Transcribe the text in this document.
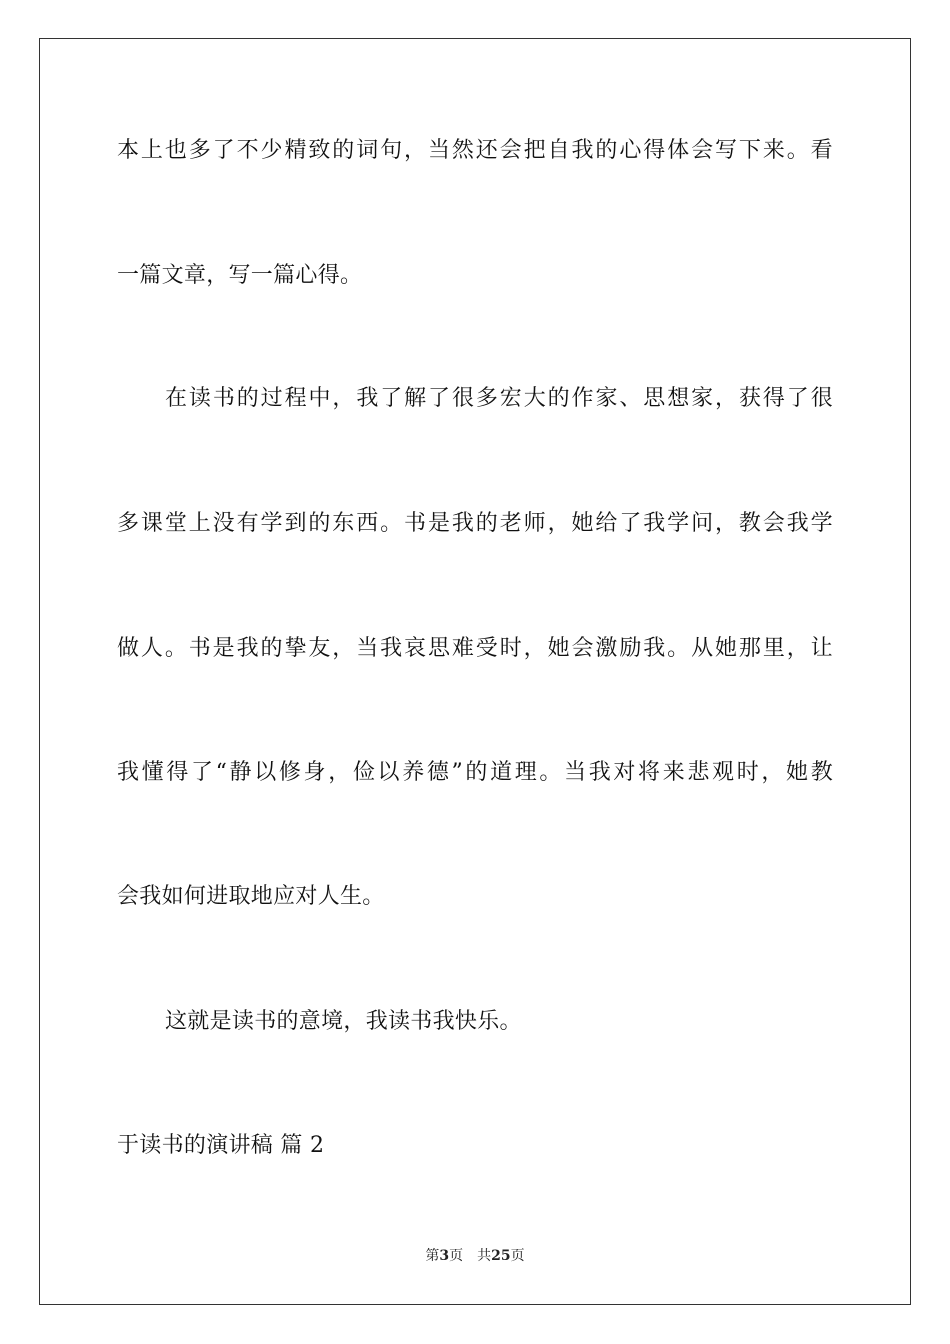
本上也多了不少精致的词句，当然还会把自我的心得体会写下来。看
一篇文章，写一篇心得。
在读书的过程中，我了解了很多宏大的作家、思想家，获得了很
多课堂上没有学到的东西。书是我的老师，她给了我学问，教会我学
做人。书是我的挚友，当我哀思难受时，她会激励我。从她那里，让
我懂得了“静以修身，俭以养德”的道理。当我对将来悲观时，她教
会我如何进取地应对人生。
这就是读书的意境，我读书我快乐。
于读书的演讲稿 篇 2
第3页 共25页
